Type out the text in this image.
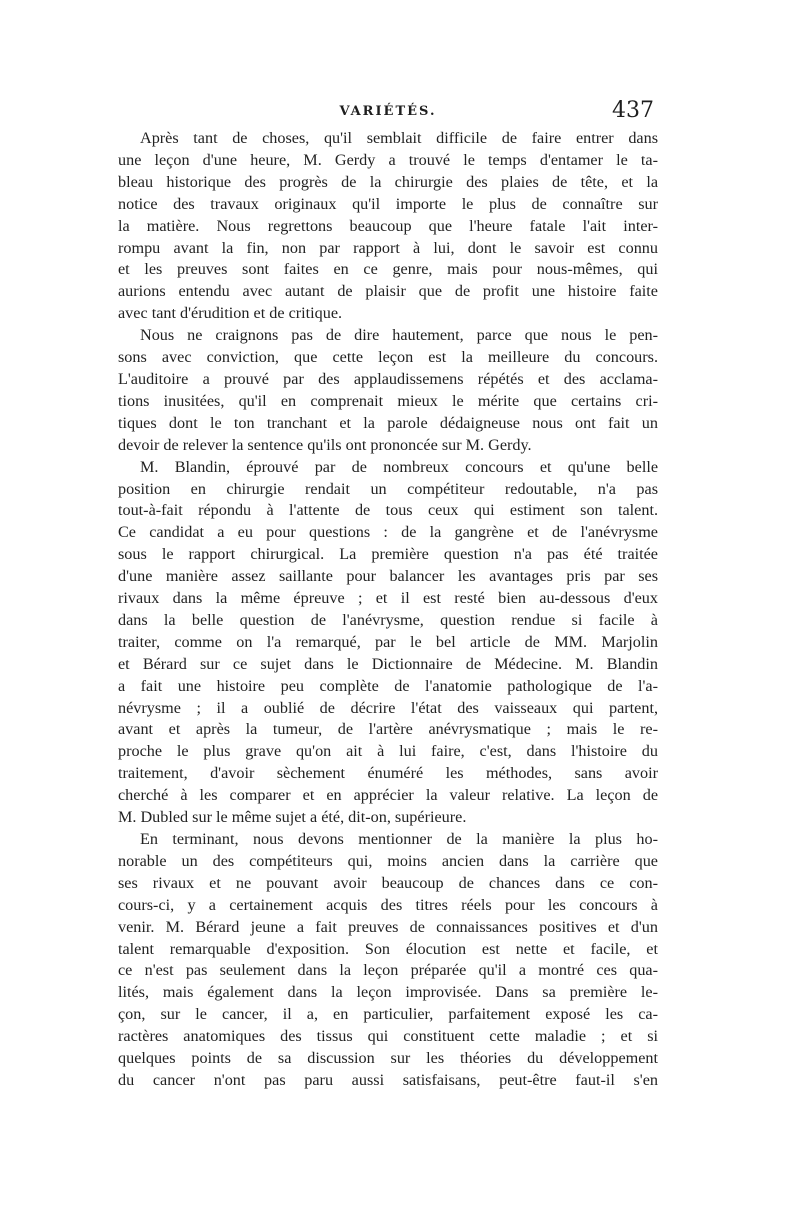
VARIÉTÉS.	437
Après tant de choses, qu'il semblait difficile de faire entrer dans
une leçon d'une heure, M. Gerdy a trouvé le temps d'entamer le ta-
bleau historique des progrès de la chirurgie des plaies de tête, et la
notice des travaux originaux qu'il importe le plus de connaître sur
la matière. Nous regrettons beaucoup que l'heure fatale l'ait inter-
rompu avant la fin, non par rapport à lui, dont le savoir est connu
et les preuves sont faites en ce genre, mais pour nous-mêmes, qui
aurions entendu avec autant de plaisir que de profit une histoire faite
avec tant d'érudition et de critique.
Nous ne craignons pas de dire hautement, parce que nous le pen-
sons avec conviction, que cette leçon est la meilleure du concours.
L'auditoire a prouvé par des applaudissemens répétés et des acclama-
tions inusitées, qu'il en comprenait mieux le mérite que certains cri-
tiques dont le ton tranchant et la parole dédaigneuse nous ont fait un
devoir de relever la sentence qu'ils ont prononcée sur M. Gerdy.
M. Blandin, éprouvé par de nombreux concours et qu'une belle
position en chirurgie rendait un compétiteur redoutable, n'a pas
tout-à-fait répondu à l'attente de tous ceux qui estiment son talent.
Ce candidat a eu pour questions : de la gangrène et de l'anévrysme
sous le rapport chirurgical. La première question n'a pas été traitée
d'une manière assez saillante pour balancer les avantages pris par ses
rivaux dans la même épreuve ; et il est resté bien au-dessous d'eux
dans la belle question de l'anévrysme, question rendue si facile à
traiter, comme on l'a remarqué, par le bel article de MM. Marjolin
et Bérard sur ce sujet dans le Dictionnaire de Médecine. M. Blandin
a fait une histoire peu complète de l'anatomie pathologique de l'a-
névrysme ; il a oublié de décrire l'état des vaisseaux qui partent,
avant et après la tumeur, de l'artère anévrysmatique ; mais le re-
proche le plus grave qu'on ait à lui faire, c'est, dans l'histoire du
traitement, d'avoir sèchement énuméré les méthodes, sans avoir
cherché à les comparer et en apprécier la valeur relative. La leçon de
M. Dubled sur le même sujet a été, dit-on, supérieure.
En terminant, nous devons mentionner de la manière la plus ho-
norable un des compétiteurs qui, moins ancien dans la carrière que
ses rivaux et ne pouvant avoir beaucoup de chances dans ce con-
cours-ci, y a certainement acquis des titres réels pour les concours à
venir. M. Bérard jeune a fait preuves de connaissances positives et d'un
talent remarquable d'exposition. Son élocution est nette et facile, et
ce n'est pas seulement dans la leçon préparée qu'il a montré ces qua-
lités, mais également dans la leçon improvisée. Dans sa première le-
çon, sur le cancer, il a, en particulier, parfaitement exposé les ca-
ractères anatomiques des tissus qui constituent cette maladie ; et si
quelques points de sa discussion sur les théories du développement
du cancer n'ont pas paru aussi satisfaisans, peut-être faut-il s'en
